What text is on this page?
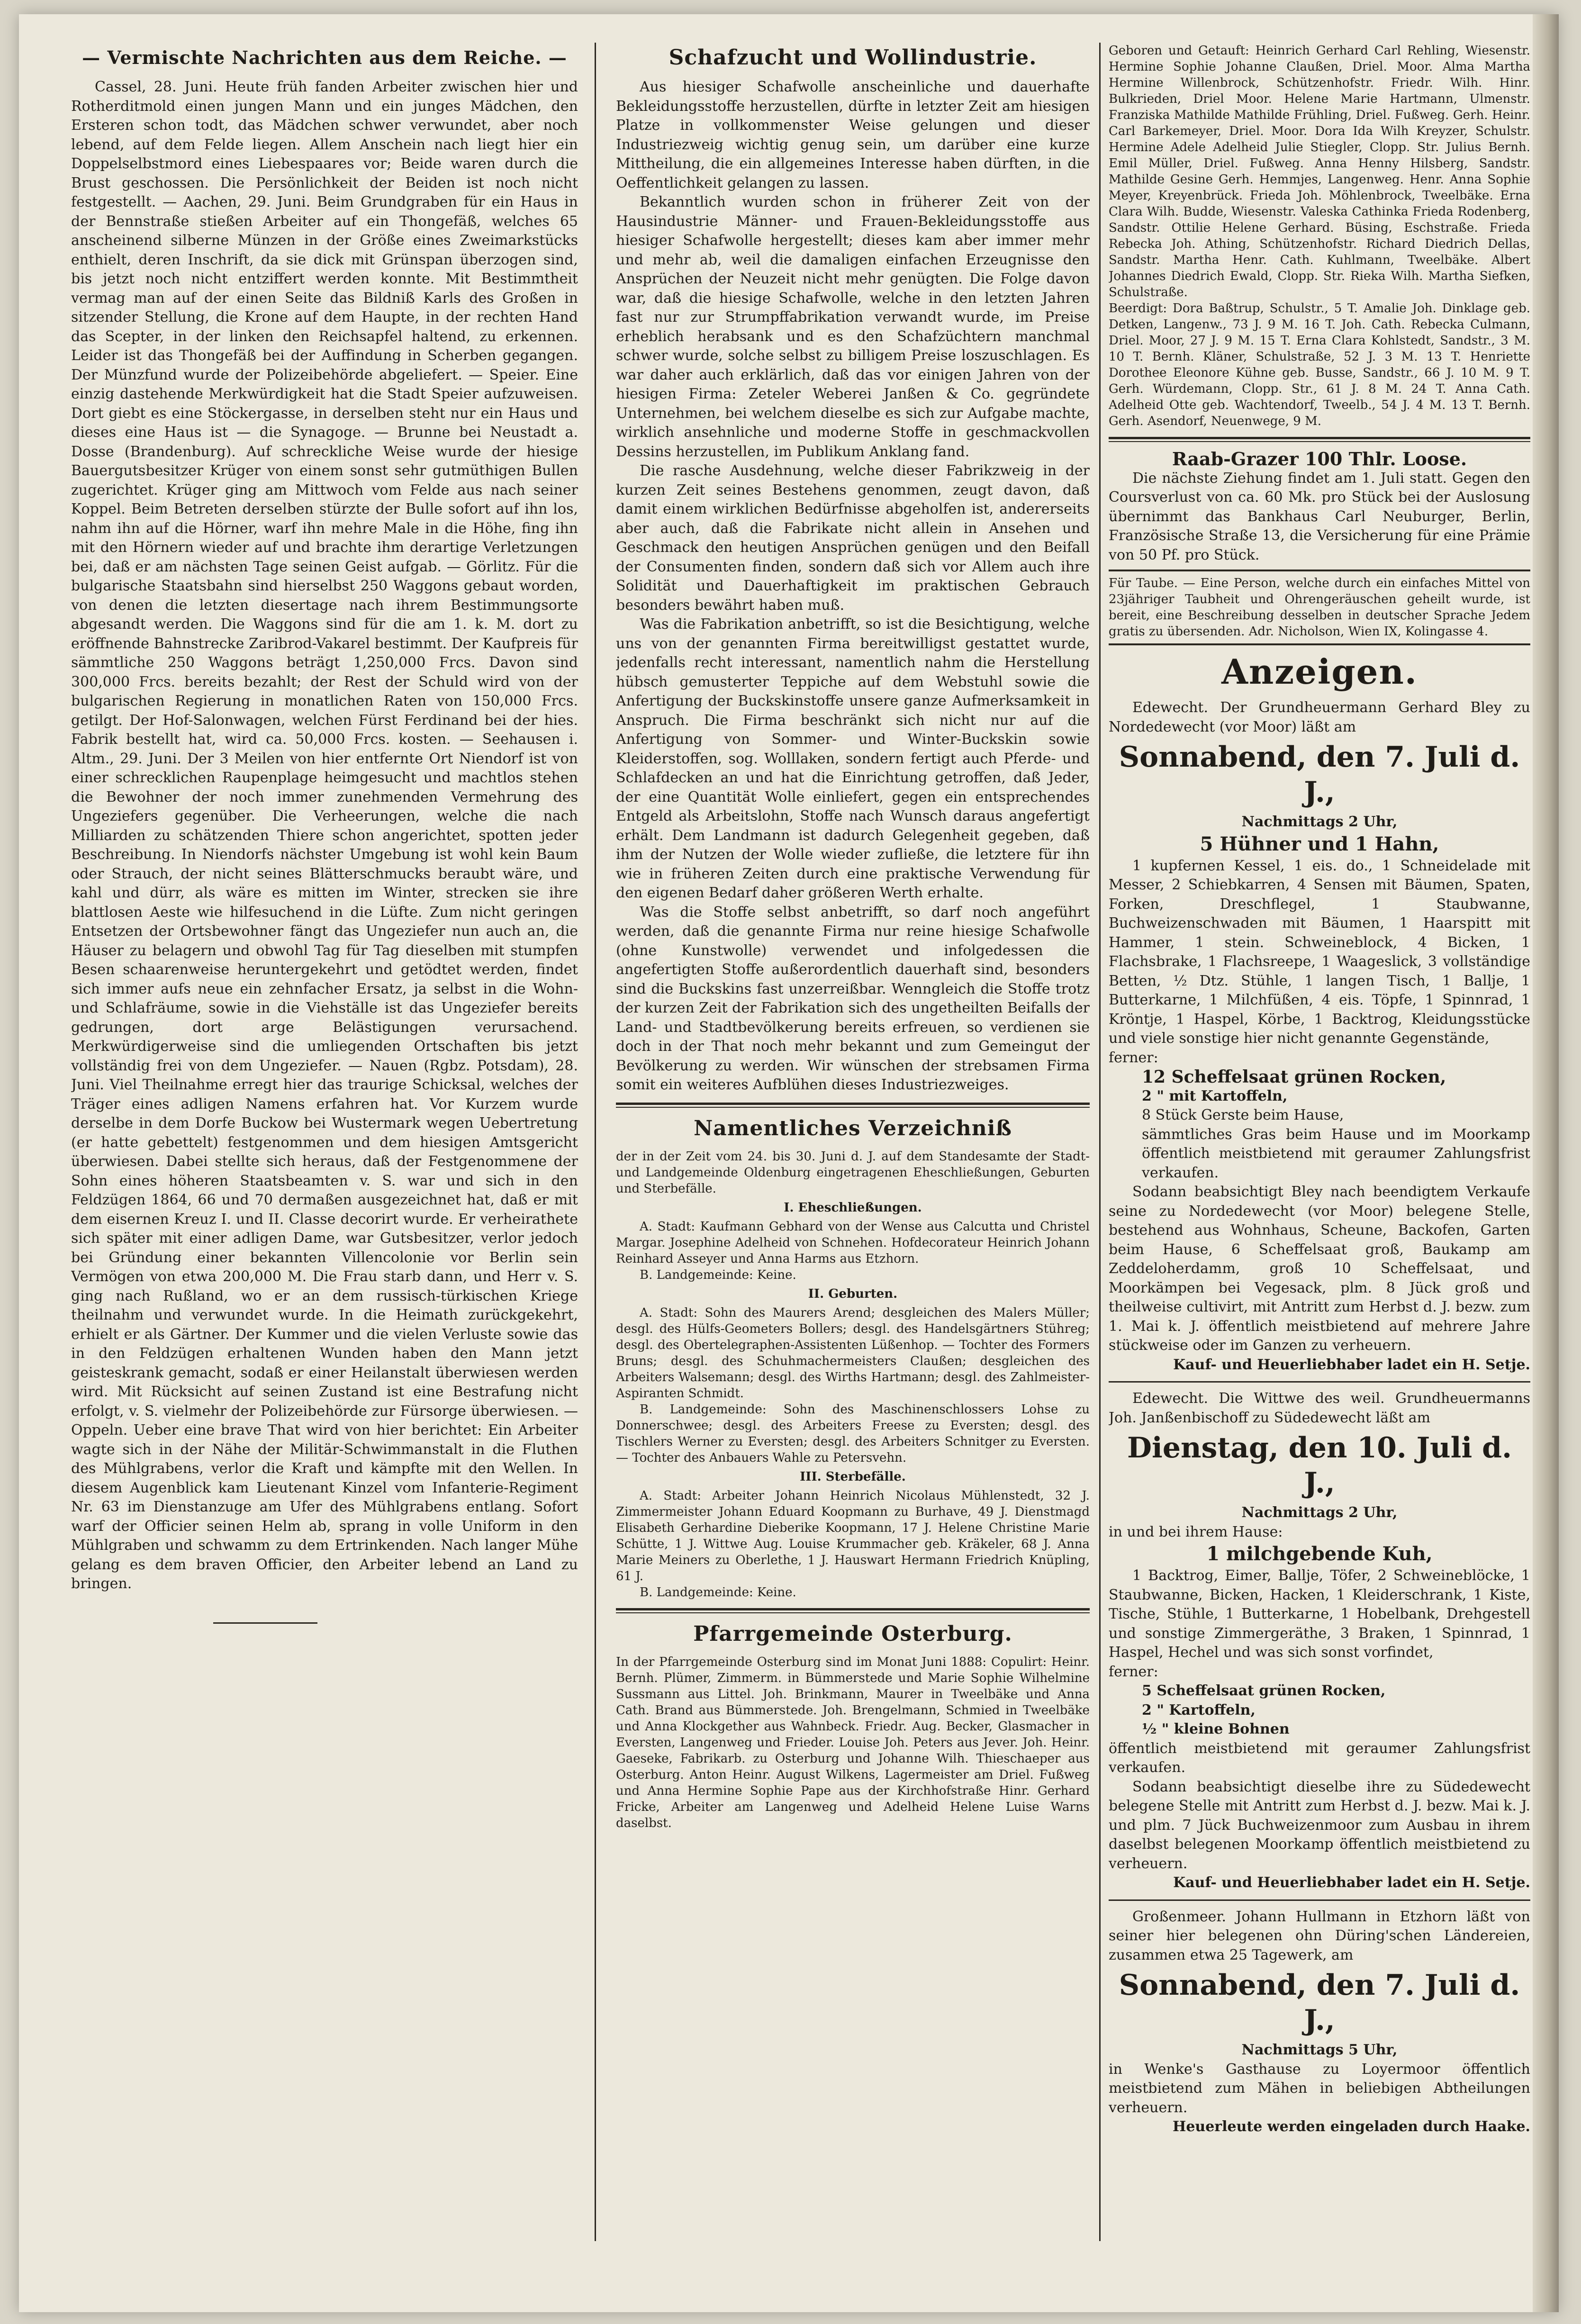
— Vermischte Nachrichten aus dem Reiche. —

Cassel, 28. Juni. Heute früh fanden Arbeiter zwischen hier und Rotherditmold einen jungen Mann und ein junges Mädchen, den Ersteren schon todt, das Mädchen schwer verwundet, aber noch lebend, auf dem Felde liegen. Allem Anschein nach liegt hier ein Doppelselbstmord eines Liebespaares vor; Beide waren durch die Brust geschossen. Die Persönlichkeit der Beiden ist noch nicht festgestellt. — Aachen, 29. Juni. Beim Grundgraben für ein Haus in der Bennstraße stießen Arbeiter auf ein Thongefäß, welches 65 anscheinend silberne Münzen in der Größe eines Zweimarkstücks enthielt, deren Inschrift, da sie dick mit Grünspan überzogen sind, bis jetzt noch nicht entziffert werden konnte. Mit Bestimmtheit vermag man auf der einen Seite das Bildniß Karls des Großen in sitzender Stellung, die Krone auf dem Haupte, in der rechten Hand das Scepter, in der linken den Reichsapfel haltend, zu erkennen. Leider ist das Thongefäß bei der Auffindung in Scherben gegangen. Der Münzfund wurde der Polizeibehörde abgeliefert. — Speier. Eine einzig dastehende Merkwürdigkeit hat die Stadt Speier aufzuweisen. Dort giebt es eine Stöckergasse, in derselben steht nur ein Haus und dieses eine Haus ist — die Synagoge. — Brunne bei Neustadt a. Dosse (Brandenburg). Auf schreckliche Weise wurde der hiesige Bauergutsbesitzer Krüger von einem sonst sehr gutmüthigen Bullen zugerichtet. Krüger ging am Mittwoch vom Felde aus nach seiner Koppel. Beim Betreten derselben stürzte der Bulle sofort auf ihn los, nahm ihn auf die Hörner, warf ihn mehre Male in die Höhe, fing ihn mit den Hörnern wieder auf und brachte ihm derartige Verletzungen bei, daß er am nächsten Tage seinen Geist aufgab. — Görlitz. Für die bulgarische Staatsbahn sind hierselbst 250 Waggons gebaut worden, von denen die letzten diesertage nach ihrem Bestimmungsorte abgesandt werden. Die Waggons sind für die am 1. k. M. dort zu eröffnende Bahnstrecke Zaribrod-Vakarel bestimmt. Der Kaufpreis für sämmtliche 250 Waggons beträgt 1,250,000 Frcs. Davon sind 300,000 Frcs. bereits bezahlt; der Rest der Schuld wird von der bulgarischen Regierung in monatlichen Raten von 150,000 Frcs. getilgt. Der Hof-Salonwagen, welchen Fürst Ferdinand bei der hies. Fabrik bestellt hat, wird ca. 50,000 Frcs. kosten. — Seehausen i. Altm., 29. Juni. Der 3 Meilen von hier entfernte Ort Niendorf ist von einer schrecklichen Raupenplage heimgesucht und machtlos stehen die Bewohner der noch immer zunehmenden Vermehrung des Ungeziefers gegenüber. Die Verheerungen, welche die nach Milliarden zu schätzenden Thiere schon angerichtet, spotten jeder Beschreibung. In Niendorfs nächster Umgebung ist wohl kein Baum oder Strauch, der nicht seines Blätterschmucks beraubt wäre, und kahl und dürr, als wäre es mitten im Winter, strecken sie ihre blattlosen Aeste wie hilfesuchend in die Lüfte. Zum nicht geringen Entsetzen der Ortsbewohner fängt das Ungeziefer nun auch an, die Häuser zu belagern und obwohl Tag für Tag dieselben mit stumpfen Besen schaarenweise heruntergekehrt und getödtet werden, findet sich immer aufs neue ein zehnfacher Ersatz, ja selbst in die Wohn- und Schlafräume, sowie in die Viehställe ist das Ungeziefer bereits gedrungen, dort arge Belästigungen verursachend. Merkwürdigerweise sind die umliegenden Ortschaften bis jetzt vollständig frei von dem Ungeziefer. — Nauen (Rgbz. Potsdam), 28. Juni. Viel Theilnahme erregt hier das traurige Schicksal, welches der Träger eines adligen Namens erfahren hat. Vor Kurzem wurde derselbe in dem Dorfe Buckow bei Wustermark wegen Uebertretung (er hatte gebettelt) festgenommen und dem hiesigen Amtsgericht überwiesen. Dabei stellte sich heraus, daß der Festgenommene der Sohn eines höheren Staatsbeamten v. S. war und sich in den Feldzügen 1864, 66 und 70 dermaßen ausgezeichnet hat, daß er mit dem eisernen Kreuz I. und II. Classe decorirt wurde. Er verheirathete sich später mit einer adligen Dame, war Gutsbesitzer, verlor jedoch bei Gründung einer bekannten Villencolonie vor Berlin sein Vermögen von etwa 200,000 M. Die Frau starb dann, und Herr v. S. ging nach Rußland, wo er an dem russisch-türkischen Kriege theilnahm und verwundet wurde. In die Heimath zurückgekehrt, erhielt er als Gärtner. Der Kummer und die vielen Verluste sowie das in den Feldzügen erhaltenen Wunden haben den Mann jetzt geisteskrank gemacht, sodaß er einer Heilanstalt überwiesen werden wird. Mit Rücksicht auf seinen Zustand ist eine Bestrafung nicht erfolgt, v. S. vielmehr der Polizeibehörde zur Fürsorge überwiesen. — Oppeln. Ueber eine brave That wird von hier berichtet: Ein Arbeiter wagte sich in der Nähe der Militär-Schwimmanstalt in die Fluthen des Mühlgrabens, verlor die Kraft und kämpfte mit den Wellen. In diesem Augenblick kam Lieutenant Kinzel vom Infanterie-Regiment Nr. 63 im Dienstanzuge am Ufer des Mühlgrabens entlang. Sofort warf der Officier seinen Helm ab, sprang in volle Uniform in den Mühlgraben und schwamm zu dem Ertrinkenden. Nach langer Mühe gelang es dem braven Officier, den Arbeiter lebend an Land zu bringen.

Schafzucht und Wollindustrie.

Aus hiesiger Schafwolle anscheinliche und dauerhafte Bekleidungsstoffe herzustellen, dürfte in letzter Zeit am hiesigen Platze in vollkommenster Weise gelungen und dieser Industriezweig wichtig genug sein, um darüber eine kurze Mittheilung, die ein allgemeines Interesse haben dürften, in die Oeffentlichkeit gelangen zu lassen.

Bekanntlich wurden schon in früherer Zeit von der Hausindustrie Männer- und Frauen-Bekleidungsstoffe aus hiesiger Schafwolle hergestellt; dieses kam aber immer mehr und mehr ab, weil die damaligen einfachen Erzeugnisse den Ansprüchen der Neuzeit nicht mehr genügten. Die Folge davon war, daß die hiesige Schafwolle, welche in den letzten Jahren fast nur zur Strumpffabrikation verwandt wurde, im Preise erheblich herabsank und es den Schafzüchtern manchmal schwer wurde, solche selbst zu billigem Preise loszuschlagen. Es war daher auch erklärlich, daß das vor einigen Jahren von der hiesigen Firma: Zeteler Weberei Janßen & Co. gegründete Unternehmen, bei welchem dieselbe es sich zur Aufgabe machte, wirklich ansehnliche und moderne Stoffe in geschmackvollen Dessins herzustellen, im Publikum Anklang fand.

Die rasche Ausdehnung, welche dieser Fabrikzweig in der kurzen Zeit seines Bestehens genommen, zeugt davon, daß damit einem wirklichen Bedürfnisse abgeholfen ist, andererseits aber auch, daß die Fabrikate nicht allein in Ansehen und Geschmack den heutigen Ansprüchen genügen und den Beifall der Consumenten finden, sondern daß sich vor Allem auch ihre Solidität und Dauerhaftigkeit im praktischen Gebrauch besonders bewährt haben muß.

Was die Fabrikation anbetrifft, so ist die Besichtigung, welche uns von der genannten Firma bereitwilligst gestattet wurde, jedenfalls recht interessant, namentlich nahm die Herstellung hübsch gemusterter Teppiche auf dem Webstuhl sowie die Anfertigung der Buckskinstoffe unsere ganze Aufmerksamkeit in Anspruch. Die Firma beschränkt sich nicht nur auf die Anfertigung von Sommer- und Winter-Buckskin sowie Kleiderstoffen, sog. Wolllaken, sondern fertigt auch Pferde- und Schlafdecken an und hat die Einrichtung getroffen, daß Jeder, der eine Quantität Wolle einliefert, gegen ein entsprechendes Entgeld als Arbeitslohn, Stoffe nach Wunsch daraus angefertigt erhält. Dem Landmann ist dadurch Gelegenheit gegeben, daß ihm der Nutzen der Wolle wieder zufließe, die letztere für ihn wie in früheren Zeiten durch eine praktische Verwendung für den eigenen Bedarf daher größeren Werth erhalte.

Was die Stoffe selbst anbetrifft, so darf noch angeführt werden, daß die genannte Firma nur reine hiesige Schafwolle (ohne Kunstwolle) verwendet und infolgedessen die angefertigten Stoffe außerordentlich dauerhaft sind, besonders sind die Buckskins fast unzerreißbar. Wenngleich die Stoffe trotz der kurzen Zeit der Fabrikation sich des ungetheilten Beifalls der Land- und Stadtbevölkerung bereits erfreuen, so verdienen sie doch in der That noch mehr bekannt und zum Gemeingut der Bevölkerung zu werden. Wir wünschen der strebsamen Firma somit ein weiteres Aufblühen dieses Industriezweiges.

Namentliches Verzeichniß

der in der Zeit vom 24. bis 30. Juni d. J. auf dem Standesamte der Stadt- und Landgemeinde Oldenburg eingetragenen Eheschließungen, Geburten und Sterbefälle.

I. Eheschließungen.

A. Stadt: Kaufmann Gebhard von der Wense aus Calcutta und Christel Margar. Josephine Adelheid von Schnehen. Hofdecorateur Heinrich Johann Reinhard Asseyer und Anna Harms aus Etzhorn.

B. Landgemeinde: Keine.

II. Geburten.

A. Stadt: Sohn des Maurers Arend; desgleichen des Malers Müller; desgl. des Hülfs-Geometers Bollers; desgl. des Handelsgärtners Stühreg; desgl. des Obertelegraphen-Assistenten Lüßenhop. — Tochter des Formers Bruns; desgl. des Schuhmachermeisters Claußen; desgleichen des Arbeiters Walsemann; desgl. des Wirths Hartmann; desgl. des Zahlmeister-Aspiranten Schmidt.

B. Landgemeinde: Sohn des Maschinenschlossers Lohse zu Donnerschwee; desgl. des Arbeiters Freese zu Eversten; desgl. des Tischlers Werner zu Eversten; desgl. des Arbeiters Schnitger zu Eversten. — Tochter des Anbauers Wahle zu Petersvehn.

III. Sterbefälle.

A. Stadt: Arbeiter Johann Heinrich Nicolaus Mühlenstedt, 32 J. Zimmermeister Johann Eduard Koopmann zu Burhave, 49 J. Dienstmagd Elisabeth Gerhardine Dieberike Koopmann, 17 J. Helene Christine Marie Schütte, 1 J. Wittwe Aug. Louise Krummacher geb. Kräkeler, 68 J. Anna Marie Meiners zu Oberlethe, 1 J. Hauswart Hermann Friedrich Knüpling, 61 J.

B. Landgemeinde: Keine.

Pfarrgemeinde Osterburg.

In der Pfarrgemeinde Osterburg sind im Monat Juni 1888: Copulirt: Heinr. Bernh. Plümer, Zimmerm. in Bümmerstede und Marie Sophie Wilhelmine Sussmann aus Littel. Joh. Brinkmann, Maurer in Tweelbäke und Anna Cath. Brand aus Bümmerstede. Joh. Brengelmann, Schmied in Tweelbäke und Anna Klockgether aus Wahnbeck. Friedr. Aug. Becker, Glasmacher in Eversten, Langenweg und Frieder. Louise Joh. Peters aus Jever. Joh. Heinr. Gaeseke, Fabrikarb. zu Osterburg und Johanne Wilh. Thieschaeper aus Osterburg. Anton Heinr. August Wilkens, Lagermeister am Driel. Fußweg und Anna Hermine Sophie Pape aus der Kirchhofstraße Hinr. Gerhard Fricke, Arbeiter am Langenweg und Adelheid Helene Luise Warns daselbst.

Geboren und Getauft: Heinrich Gerhard Carl Rehling, Wiesenstr. Hermine Sophie Johanne Claußen, Driel. Moor. Alma Martha Hermine Willenbrock, Schützenhofstr. Friedr. Wilh. Hinr. Bulkrieden, Driel Moor. Helene Marie Hartmann, Ulmenstr. Franziska Mathilde Mathilde Frühling, Driel. Fußweg. Gerh. Heinr. Carl Barkemeyer, Driel. Moor. Dora Ida Wilh Kreyzer, Schulstr. Hermine Adele Adelheid Julie Stiegler, Clopp. Str. Julius Bernh. Emil Müller, Driel. Fußweg. Anna Henny Hilsberg, Sandstr. Mathilde Gesine Gerh. Hemmjes, Langenweg. Henr. Anna Sophie Meyer, Kreyenbrück. Frieda Joh. Möhlenbrock, Tweelbäke. Erna Clara Wilh. Budde, Wiesenstr. Valeska Cathinka Frieda Rodenberg, Sandstr. Ottilie Helene Gerhard. Büsing, Eschstraße. Frieda Rebecka Joh. Athing, Schützenhofstr. Richard Diedrich Dellas, Sandstr. Martha Henr. Cath. Kuhlmann, Tweelbäke. Albert Johannes Diedrich Ewald, Clopp. Str. Rieka Wilh. Martha Siefken, Schulstraße.

Beerdigt: Dora Baßtrup, Schulstr., 5 T. Amalie Joh. Dinklage geb. Detken, Langenw., 73 J. 9 M. 16 T. Joh. Cath. Rebecka Culmann, Driel. Moor, 27 J. 9 M. 15 T. Erna Clara Kohlstedt, Sandstr., 3 M. 10 T. Bernh. Kläner, Schulstraße, 52 J. 3 M. 13 T. Henriette Dorothee Eleonore Kühne geb. Busse, Sandstr., 66 J. 10 M. 9 T. Gerh. Würdemann, Clopp. Str., 61 J. 8 M. 24 T. Anna Cath. Adelheid Otte geb. Wachtendorf, Tweelb., 54 J. 4 M. 13 T. Bernh. Gerh. Asendorf, Neuenwege, 9 M.

Raab-Grazer 100 Thlr. Loose.

Die nächste Ziehung findet am 1. Juli statt. Gegen den Coursverlust von ca. 60 Mk. pro Stück bei der Auslosung übernimmt das Bankhaus Carl Neuburger, Berlin, Französische Straße 13, die Versicherung für eine Prämie von 50 Pf. pro Stück.

Für Taube. — Eine Person, welche durch ein einfaches Mittel von 23jähriger Taubheit und Ohrengeräuschen geheilt wurde, ist bereit, eine Beschreibung desselben in deutscher Sprache Jedem gratis zu übersenden. Adr. Nicholson, Wien IX, Kolingasse 4.

Anzeigen.

Edewecht. Der Grundheuermann Gerhard Bley zu Nordedewecht (vor Moor) läßt am

Sonnabend, den 7. Juli d. J.,
Nachmittags 2 Uhr,
5 Hühner und 1 Hahn,

1 kupfernen Kessel, 1 eis. do., 1 Schneidelade mit Messer, 2 Schiebkarren, 4 Sensen mit Bäumen, Spaten, Forken, Dreschflegel, 1 Staubwanne, Buchweizenschwaden mit Bäumen, 1 Haarspitt mit Hammer, 1 stein. Schweineblock, 4 Bicken, 1 Flachsbrake, 1 Flachsreepe, 1 Waageslick, 3 vollständige Betten, ½ Dtz. Stühle, 1 langen Tisch, 1 Ballje, 1 Butterkarne, 1 Milchfüßen, 4 eis. Töpfe, 1 Spinnrad, 1 Kröntje, 1 Haspel, Körbe, 1 Backtrog, Kleidungsstücke und viele sonstige hier nicht genannte Gegenstände,

ferner:
12 Scheffelsaat grünen Rocken,
2 " mit Kartoffeln,
8 Stück Gerste beim Hause,
sämmtliches Gras beim Hause und im Moorkamp öffentlich meistbietend mit geraumer Zahlungsfrist verkaufen.

Sodann beabsichtigt Bley nach beendigtem Verkaufe seine zu Nordedewecht (vor Moor) belegene Stelle, bestehend aus Wohnhaus, Scheune, Backofen, Garten beim Hause, 6 Scheffelsaat groß, Baukamp am Zeddeloherdamm, groß 10 Scheffelsaat, und Moorkämpen bei Vegesack, plm. 8 Jück groß und theilweise cultivirt, mit Antritt zum Herbst d. J. bezw. zum 1. Mai k. J. öffentlich meistbietend auf mehrere Jahre stückweise oder im Ganzen zu verheuern.

Kauf- und Heuerliebhaber ladet ein H. Setje.

Edewecht. Die Wittwe des weil. Grundheuermanns Joh. Janßenbischoff zu Südedewecht läßt am

Dienstag, den 10. Juli d. J.,
Nachmittags 2 Uhr,
in und bei ihrem Hause:
1 milchgebende Kuh,

1 Backtrog, Eimer, Ballje, Töfer, 2 Schweineblöcke, 1 Staubwanne, Bicken, Hacken, 1 Kleiderschrank, 1 Kiste, Tische, Stühle, 1 Butterkarne, 1 Hobelbank, Drehgestell und sonstige Zimmergeräthe, 3 Braken, 1 Spinnrad, 1 Haspel, Hechel und was sich sonst vorfindet,

ferner:
5 Scheffelsaat grünen Rocken,
2 " Kartoffeln,
½ " kleine Bohnen
öffentlich meistbietend mit geraumer Zahlungsfrist verkaufen.

Sodann beabsichtigt dieselbe ihre zu Südedewecht belegene Stelle mit Antritt zum Herbst d. J. bezw. Mai k. J. und plm. 7 Jück Buchweizenmoor zum Ausbau in ihrem daselbst belegenen Moorkamp öffentlich meistbietend zu verheuern.

Kauf- und Heuerliebhaber ladet ein H. Setje.

Großenmeer. Johann Hullmann in Etzhorn läßt von seiner hier belegenen ohn Düring'schen Ländereien, zusammen etwa 25 Tagewerk, am

Sonnabend, den 7. Juli d. J.,
Nachmittags 5 Uhr,

in Wenke's Gasthause zu Loyermoor öffentlich meistbietend zum Mähen in beliebigen Abtheilungen verheuern.

Heuerleute werden eingeladen durch Haake.
